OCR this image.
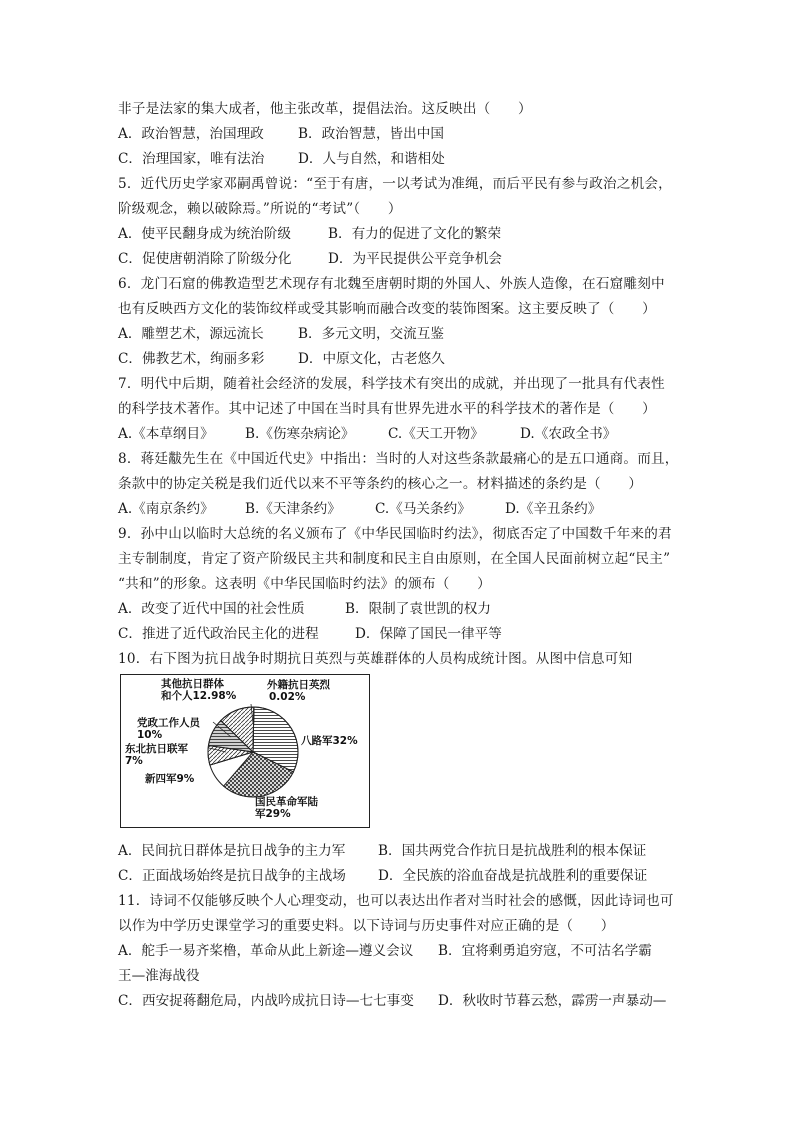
非子是法家的集大成者，他主张改革，提倡法治。这反映出（　　）
A．政治智慧，治国理政	B．政治智慧，皆出中国
C．治理国家，唯有法治 D．人与自然，和谐相处
5．近代历史学家邓嗣禹曾说：“至于有唐，一以考试为准绳，而后平民有参与政治之机会，
阶级观念，赖以破除焉。”所说的“考试”（　　）
A．使平民翻身成为统治阶级	B．有力的促进了文化的繁荣
C．促使唐朝消除了阶级分化	D．为平民提供公平竞争机会
6．龙门石窟的佛教造型艺术现存有北魏至唐朝时期的外国人、外族人造像，在石窟雕刻中
也有反映西方文化的装饰纹样或受其影响而融合改变的装饰图案。这主要反映了（　　）
A．雕塑艺术，源远流长	B．多元文明，交流互鉴
C．佛教艺术，绚丽多彩 D．中原文化，古老悠久
7．明代中后期，随着社会经济的发展，科学技术有突出的成就，并出现了一批具有代表性
的科学技术著作。其中记述了中国在当时具有世界先进水平的科学技术的著作是（　　）
A.《本草纲目》 B.《伤寒杂病论》 C.《天工开物》	D.《农政全书》
8．蒋廷黻先生在《中国近代史》中指出：当时的人对这些条款最痛心的是五口通商。而且，
条款中的协定关税是我们近代以来不平等条约的核心之一。材料描述的条约是（　　）
A.《南京条约》 B.《天津条约》	C.《马关条约》	D.《辛丑条约》
9．孙中山以临时大总统的名义颁布了《中华民国临时约法》，彻底否定了中国数千年来的君
主专制制度，肯定了资产阶级民主共和制度和民主自由原则，在全国人民面前树立起“民主”
“共和”的形象。这表明《中华民国临时约法》的颁布（　　）
A．改变了近代中国的社会性质	B．限制了袁世凯的权力
C．推进了近代政治民主化的进程	D．保障了国民一律平等
10．右下图为抗日战争时期抗日英烈与英雄群体的人员构成统计图。从图中信息可知
其他抗日群体
和个人12.98%
外籍抗日英烈
0.02%
党政工作人员
10%	八路军32%
东北抗日联军
7%
新四军9%
国民革命军陆
军29%
A．民间抗日群体是抗日战争的主力军 B．国共两党合作抗日是抗战胜利的根本保证
C．正面战场始终是抗日战争的主战场 D．全民族的浴血奋战是抗战胜利的重要保证
11．诗词不仅能够反映个人心理变动，也可以表达出作者对当时社会的感慨，因此诗词也可
以作为中学历史课堂学习的重要史料。以下诗词与历史事件对应正确的是（　　）
A．舵手一易齐桨橹，革命从此上新途—遵义会议 B．宜将剩勇追穷寇，不可沽名学霸
王—淮海战役
C．西安捉蒋翻危局，内战吟成抗日诗—七七事变 D．秋收时节暮云愁，霹雳一声暴动—
